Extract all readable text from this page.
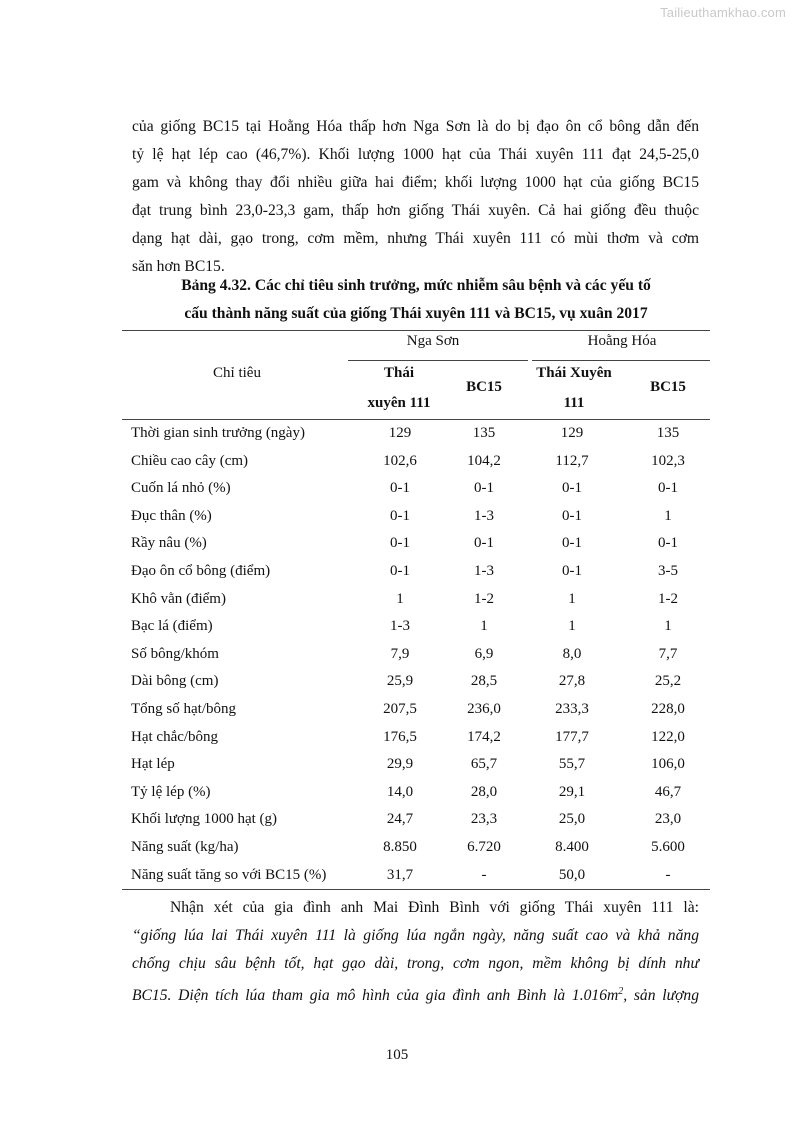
Tailieuthamkhao.com
của giống BC15 tại Hoằng Hóa thấp hơn Nga Sơn là do bị đạo ôn cổ bông dẫn đến
tỷ lệ hạt lép cao (46,7%). Khối lượng 1000 hạt của Thái xuyên 111 đạt 24,5-25,0
gam và không thay đổi nhiều giữa hai điểm; khối lượng 1000 hạt của giống BC15
đạt trung bình 23,0-23,3 gam, thấp hơn giống Thái xuyên. Cả hai giống đều thuộc
dạng hạt dài, gạo trong, cơm mềm, nhưng Thái xuyên 111 có mùi thơm và cơm
săn hơn BC15.
Bảng 4.32. Các chỉ tiêu sinh trưởng, mức nhiễm sâu bệnh và các yếu tố
cấu thành năng suất của giống Thái xuyên 111 và BC15, vụ xuân 2017
Chỉ tiêu
Nga Sơn	Hoằng Hóa
Thái
xuyên 111
BC15
Thái Xuyên
111
BC15
Thời gian sinh trưởng (ngày)	129	135	129	135
Chiều cao cây (cm)	102,6	104,2	112,7	102,3
Cuốn lá nhỏ (%)	0-1	0-1	0-1	0-1
Đục thân (%)	0-1	1-3	0-1	1
Rầy nâu (%)	0-1	0-1	0-1	0-1
Đạo ôn cổ bông (điểm)	0-1	1-3	0-1	3-5
Khô vằn (điểm)	1	1-2	1	1-2
Bạc lá (điểm)	1-3	1	1	1
Số bông/khóm	7,9	6,9	8,0	7,7
Dài bông (cm)	25,9	28,5	27,8	25,2
Tổng số hạt/bông	207,5	236,0	233,3	228,0
Hạt chắc/bông	176,5	174,2	177,7	122,0
Hạt lép	29,9	65,7	55,7	106,0
Tỷ lệ lép (%)	14,0	28,0	29,1	46,7
Khối lượng 1000 hạt (g)	24,7	23,3	25,0	23,0
Năng suất (kg/ha)	8.850	6.720	8.400	5.600
Năng suất tăng so với BC15 (%)	31,7	-	50,0	-
Nhận xét của gia đình anh Mai Đình Bình với giống Thái xuyên 111 là:
“giống lúa lai Thái xuyên 111 là giống lúa ngắn ngày, năng suất cao và khả năng
chống chịu sâu bệnh tốt, hạt gạo dài, trong, cơm ngon, mềm không bị dính như
BC15. Diện tích lúa tham gia mô hình của gia đình anh Bình là $1.016m^2$, sản lượng
105
